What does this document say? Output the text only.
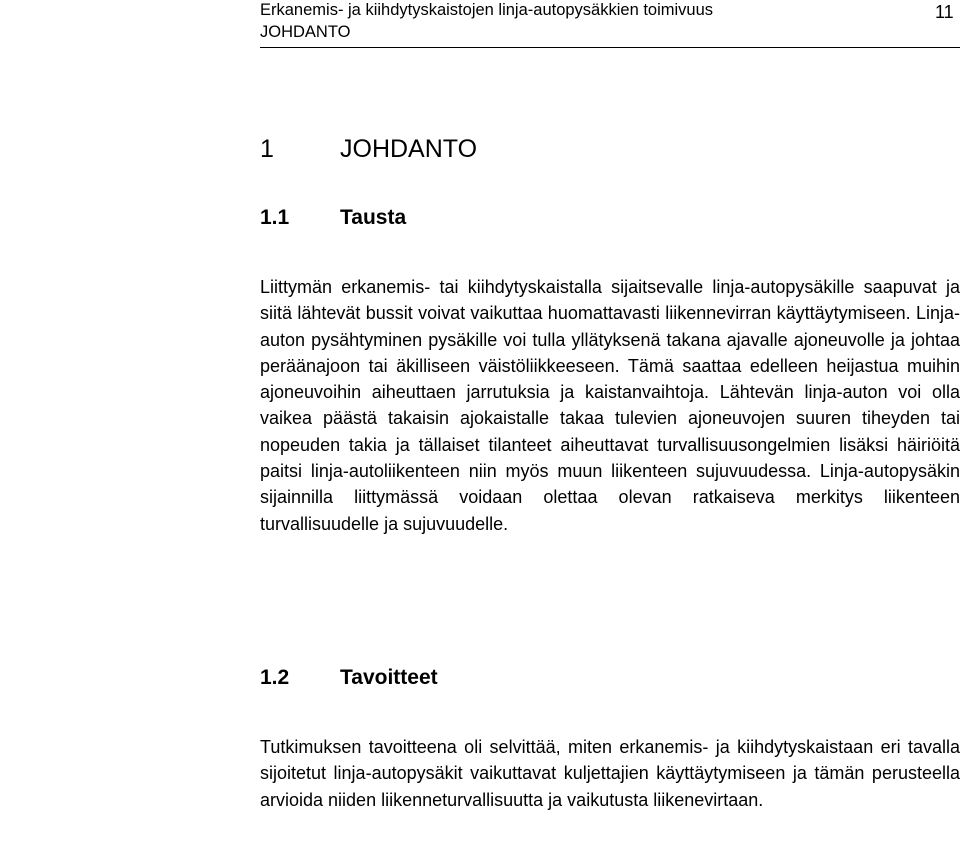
Erkanemis- ja kiihdytyskaistojen linja-autopysäkkien toimivuus
JOHDANTO
11
1	JOHDANTO
1.1 Tausta

Liittymän erkanemis- tai kiihdytyskaistalla sijaitsevalle linja-autopysäkille saapuvat ja siitä lähtevät bussit voivat vaikuttaa huomattavasti liikennevirran käyttäytymiseen. Linja-auton pysähtyminen pysäkille voi tulla yllätyksenä takana ajavalle ajoneuvolle ja johtaa peräänajoon tai äkilliseen väistöliikkeeseen. Tämä saattaa edelleen heijastua muihin ajoneuvoihin aiheuttaen jarrutuksia ja kaistanvaihtoja. Lähtevän linja-auton voi olla vaikea päästä takaisin ajokaistalle takaa tulevien ajoneuvojen suuren tiheyden tai nopeuden takia ja tällaiset tilanteet aiheuttavat turvallisuusongelmien lisäksi häiriöitä paitsi linja-autoliikenteen niin myös muun liikenteen sujuvuudessa. Linja-autopysäkin sijainnilla liittymässä voidaan olettaa olevan ratkaiseva merkitys liikenteen turvallisuudelle ja sujuvuudelle.

1.2 Tavoitteet

Tutkimuksen tavoitteena oli selvittää, miten erkanemis- ja kiihdytyskaistaan eri tavalla sijoitetut linja-autopysäkit vaikuttavat kuljettajien käyttäytymiseen ja tämän perusteella arvioida niiden liikenneturvallisuutta ja vaikutusta liikenevirtaan.
